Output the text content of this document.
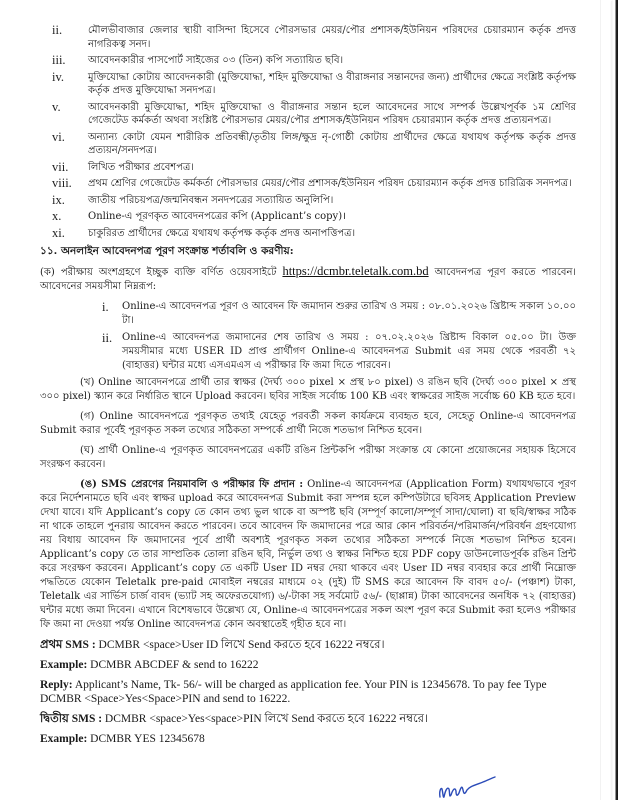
ii.	মৌলভীবাজার জেলার স্থায়ী বাসিন্দা হিসেবে পৌরসভার মেয়র/পৌর প্রশাসক/ইউনিয়ন পরিষদের চেয়ারম্যান কর্তৃক প্রদত্ত নাগরিকত্ব সনদ।
iii.	আবেদনকারীর পাসপোর্ট সাইজের ০৩ (তিন) কপি সত্যায়িত ছবি।
iv.	মুক্তিযোদ্ধা কোটায় আবেদনকারী (মুক্তিযোদ্ধা, শহিদ মুক্তিযোদ্ধা ও বীরাঙ্গনার সন্তানদের জন্য) প্রার্থীদের ক্ষেত্রে সংশ্লিষ্ট কর্তৃপক্ষ কর্তৃক প্রদত্ত মুক্তিযোদ্ধা সনদপত্র।
v.	আবেদনকারী মুক্তিযোদ্ধা, শহিদ মুক্তিযোদ্ধা ও বীরাঙ্গনার সন্তান হলে আবেদনের সাথে সম্পর্ক উল্লেখপূর্বক ১ম শ্রেণির গেজেটেড কর্মকর্তা অথবা সংশ্লিষ্ট পৌরসভার মেয়র/পৌর প্রশাসক/ইউনিয়ন পরিষদ চেয়ারম্যান কর্তৃক প্রদত্ত প্রত্যয়নপত্র।
vi.	অন্যান্য কোটা যেমন শারীরিক প্রতিবন্ধী/তৃতীয় লিঙ্গ/ক্ষুদ্র নৃ-গোষ্ঠী কোটায় প্রার্থীদের ক্ষেত্রে যথাযথ কর্তৃপক্ষ কর্তৃক প্রদত্ত প্রত্যয়ন/সনদপত্র।
vii.	লিখিত পরীক্ষার প্রবেশপত্র।
viii.	প্রথম শ্রেণির গেজেটেড কর্মকর্তা পৌরসভার মেয়র/পৌর প্রশাসক/ইউনিয়ন পরিষদ চেয়ারম্যান কর্তৃক প্রদত্ত চারিত্রিক সনদপত্র।
ix.	জাতীয় পরিচয়পত্র/জন্মনিবন্ধন সনদপত্রের সত্যায়িত অনুলিপি।
x.	Online-এ পূরণকৃত আবেদনপত্রের কপি (Applicant’s copy)।
xi.	চাকুরিরত প্রার্থীদের ক্ষেত্রে যথাযথ কর্তৃপক্ষ কর্তৃক প্রদত্ত অনাপত্তিপত্র।
১১. অনলাইন আবেদনপত্র পূরণ সংক্রান্ত শর্তাবলি ও করণীয়:
(ক) পরীক্ষায় অংশগ্রহণে ইচ্ছুক ব্যক্তি বর্ণিত ওয়েবসাইটে https://dcmbr.teletalk.com.bd আবেদনপত্র পূরণ করতে পারবেন। আবেদনের সময়সীমা নিম্নরূপ:
i. Online-এ আবেদনপত্র পূরণ ও আবেদন ফি জমাদান শুরুর তারিখ ও সময় : ০৮.০১.২০২৬ খ্রিষ্টাব্দ সকাল ১০.০০ টা।
ii. Online-এ আবেদনপত্র জমাদানের শেষ তারিখ ও সময় : ০৭.০২.২০২৬ খ্রিষ্টাব্দ বিকাল ০৫.০০ টা। উক্ত সময়সীমার মধ্যে USER ID প্রাপ্ত প্রার্থীগণ Online-এ আবেদনপত্র Submit এর সময় থেকে পরবর্তী ৭২ (বাহাত্তর) ঘন্টার মধ্যে এসএমএস এ পরীক্ষার ফি জমা দিতে পারবেন।
(খ) Online আবেদনপত্রে প্রার্থী তার স্বাক্ষর (দৈর্ঘ্য ৩০০ pixel × প্রস্থ ৮০ pixel) ও রঙিন ছবি (দৈর্ঘ্য ৩০০ pixel × প্রস্থ ৩০০ pixel) স্ক্যান করে নির্ধারিত স্থানে Upload করবেন। ছবির সাইজ সর্বোচ্চ 100 KB এবং স্বাক্ষরের সাইজ সর্বোচ্চ 60 KB হতে হবে।
(গ) Online আবেদনপত্রে পূরণকৃত তথ্যই যেহেতু পরবর্তী সকল কার্যক্রমে ব্যবহৃত হবে, সেহেতু Online-এ আবেদনপত্র Submit করার পূর্বেই পূরণকৃত সকল তথ্যের সঠিকতা সম্পর্কে প্রার্থী নিজে শতভাগ নিশ্চিত হবেন।
(ঘ) প্রার্থী Online-এ পূরণকৃত আবেদনপত্রের একটি রঙিন প্রিন্টকপি পরীক্ষা সংক্রান্ত যে কোনো প্রয়োজনের সহায়ক হিসেবে সংরক্ষণ করবেন।
(ঙ) SMS প্রেরণের নিয়মাবলি ও পরীক্ষার ফি প্রদান : Online-এ আবেদনপত্র (Application Form) যথাযথভাবে পূরণ করে নির্দেশনামতে ছবি এবং স্বাক্ষর upload করে আবেদনপত্র Submit করা সম্পন্ন হলে কম্পিউটারে ছবিসহ Application Preview দেখা যাবে। যদি Applicant’s copy তে কোন তথ্য ভুল থাকে বা অস্পষ্ট ছবি (সম্পূর্ণ কালো/সম্পূর্ণ সাদা/ঘোলা) বা ছবি/স্বাক্ষর সঠিক না থাকে তাহলে পুনরায় আবেদন করতে পারবেন। তবে আবেদন ফি জমাদানের পরে আর কোন পরিবর্তন/পরিমার্জন/পরিবর্ধন গ্রহণযোগ্য নয় বিধায় আবেদন ফি জমাদানের পূর্বে প্রার্থী অবশ্যই পূরণকৃত সকল তথ্যের সঠিকতা সম্পর্কে নিজে শতভাগ নিশ্চিত হবেন। Applicant’s copy তে তার সাম্প্রতিক তোলা রঙিন ছবি, নির্ভুল তথ্য ও স্বাক্ষর নিশ্চিত হয়ে PDF copy ডাউনলোডপূর্বক রঙিন প্রিন্ট করে সংরক্ষণ করবেন। Applicant’s copy তে একটি User ID নম্বর দেয়া থাকবে এবং User ID নম্বর ব্যবহার করে প্রার্থী নিম্নোক্ত পদ্ধতিতে যেকোন Teletalk pre-paid মোবাইল নম্বরের মাধ্যমে ০২ (দুই) টি SMS করে আবেদন ফি বাবদ ৫০/- (পঞ্চাশ) টাকা, Teletalk এর সার্ভিস চার্জ বাবদ (ভ্যাট সহ অফেরতযোগ্য) ৬/-টাকা সহ সর্বমোট ৫৬/- (ছাপ্পান্ন) টাকা আবেদনের অনধিক ৭২ (বাহাত্তর) ঘন্টার মধ্যে জমা দিবেন। এখানে বিশেষভাবে উল্লেখ্য যে, Online-এ আবেদনপত্রের সকল অংশ পূরণ করে Submit করা হলেও পরীক্ষার ফি জমা না দেওয়া পর্যন্ত Online আবেদনপত্র কোন অবস্থাতেই গৃহীত হবে না।
প্রথম SMS : DCMBR <space>User ID লিখে Send করতে হবে 16222 নম্বরে।
Example: DCMBR ABCDEF & send to 16222
Reply: Applicant’s Name, Tk- 56/- will be charged as application fee. Your PIN is 12345678. To pay fee Type DCMBR <Space>Yes<Space>PIN and send to 16222.
দ্বিতীয় SMS : DCMBR <space>Yes<space>PIN লিখে Send করতে হবে 16222 নম্বরে।
Example: DCMBR YES 12345678
